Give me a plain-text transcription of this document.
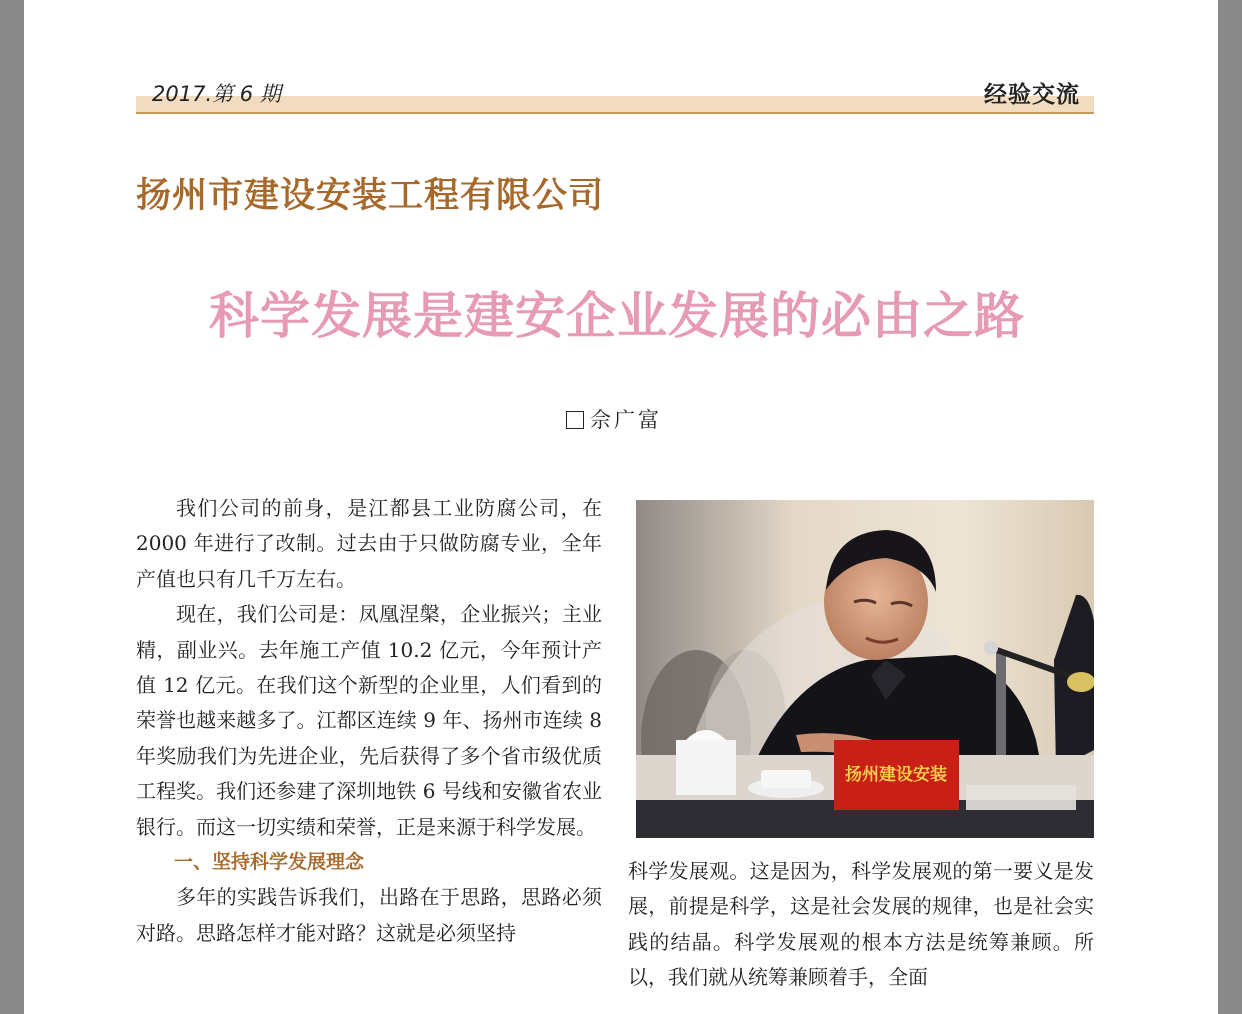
2017.第 6 期	经验交流
扬州市建设安装工程有限公司
科学发展是建安企业发展的必由之路
佘广富

我们公司的前身，是江都县工业防腐公司，在 2000 年进行了改制。过去由于只做防腐专业，全年产值也只有几千万左右。

现在，我们公司是：凤凰涅槃，企业振兴；主业精，副业兴。去年施工产值 10.2 亿元，今年预计产值 12 亿元。在我们这个新型的企业里，人们看到的荣誉也越来越多了。江都区连续 9 年、扬州市连续 8 年奖励我们为先进企业，先后获得了多个省市级优质工程奖。我们还参建了深圳地铁 6 号线和安徽省农业银行。而这一切实绩和荣誉，正是来源于科学发展。

一、坚持科学发展理念

多年的实践告诉我们，出路在于思路，思路必须对路。思路怎样才能对路？这就是必须坚持

扬州建设安装

科学发展观。这是因为，科学发展观的第一要义是发展，前提是科学，这是社会发展的规律，也是社会实践的结晶。科学发展观的根本方法是统筹兼顾。所以，我们就从统筹兼顾着手，全面
